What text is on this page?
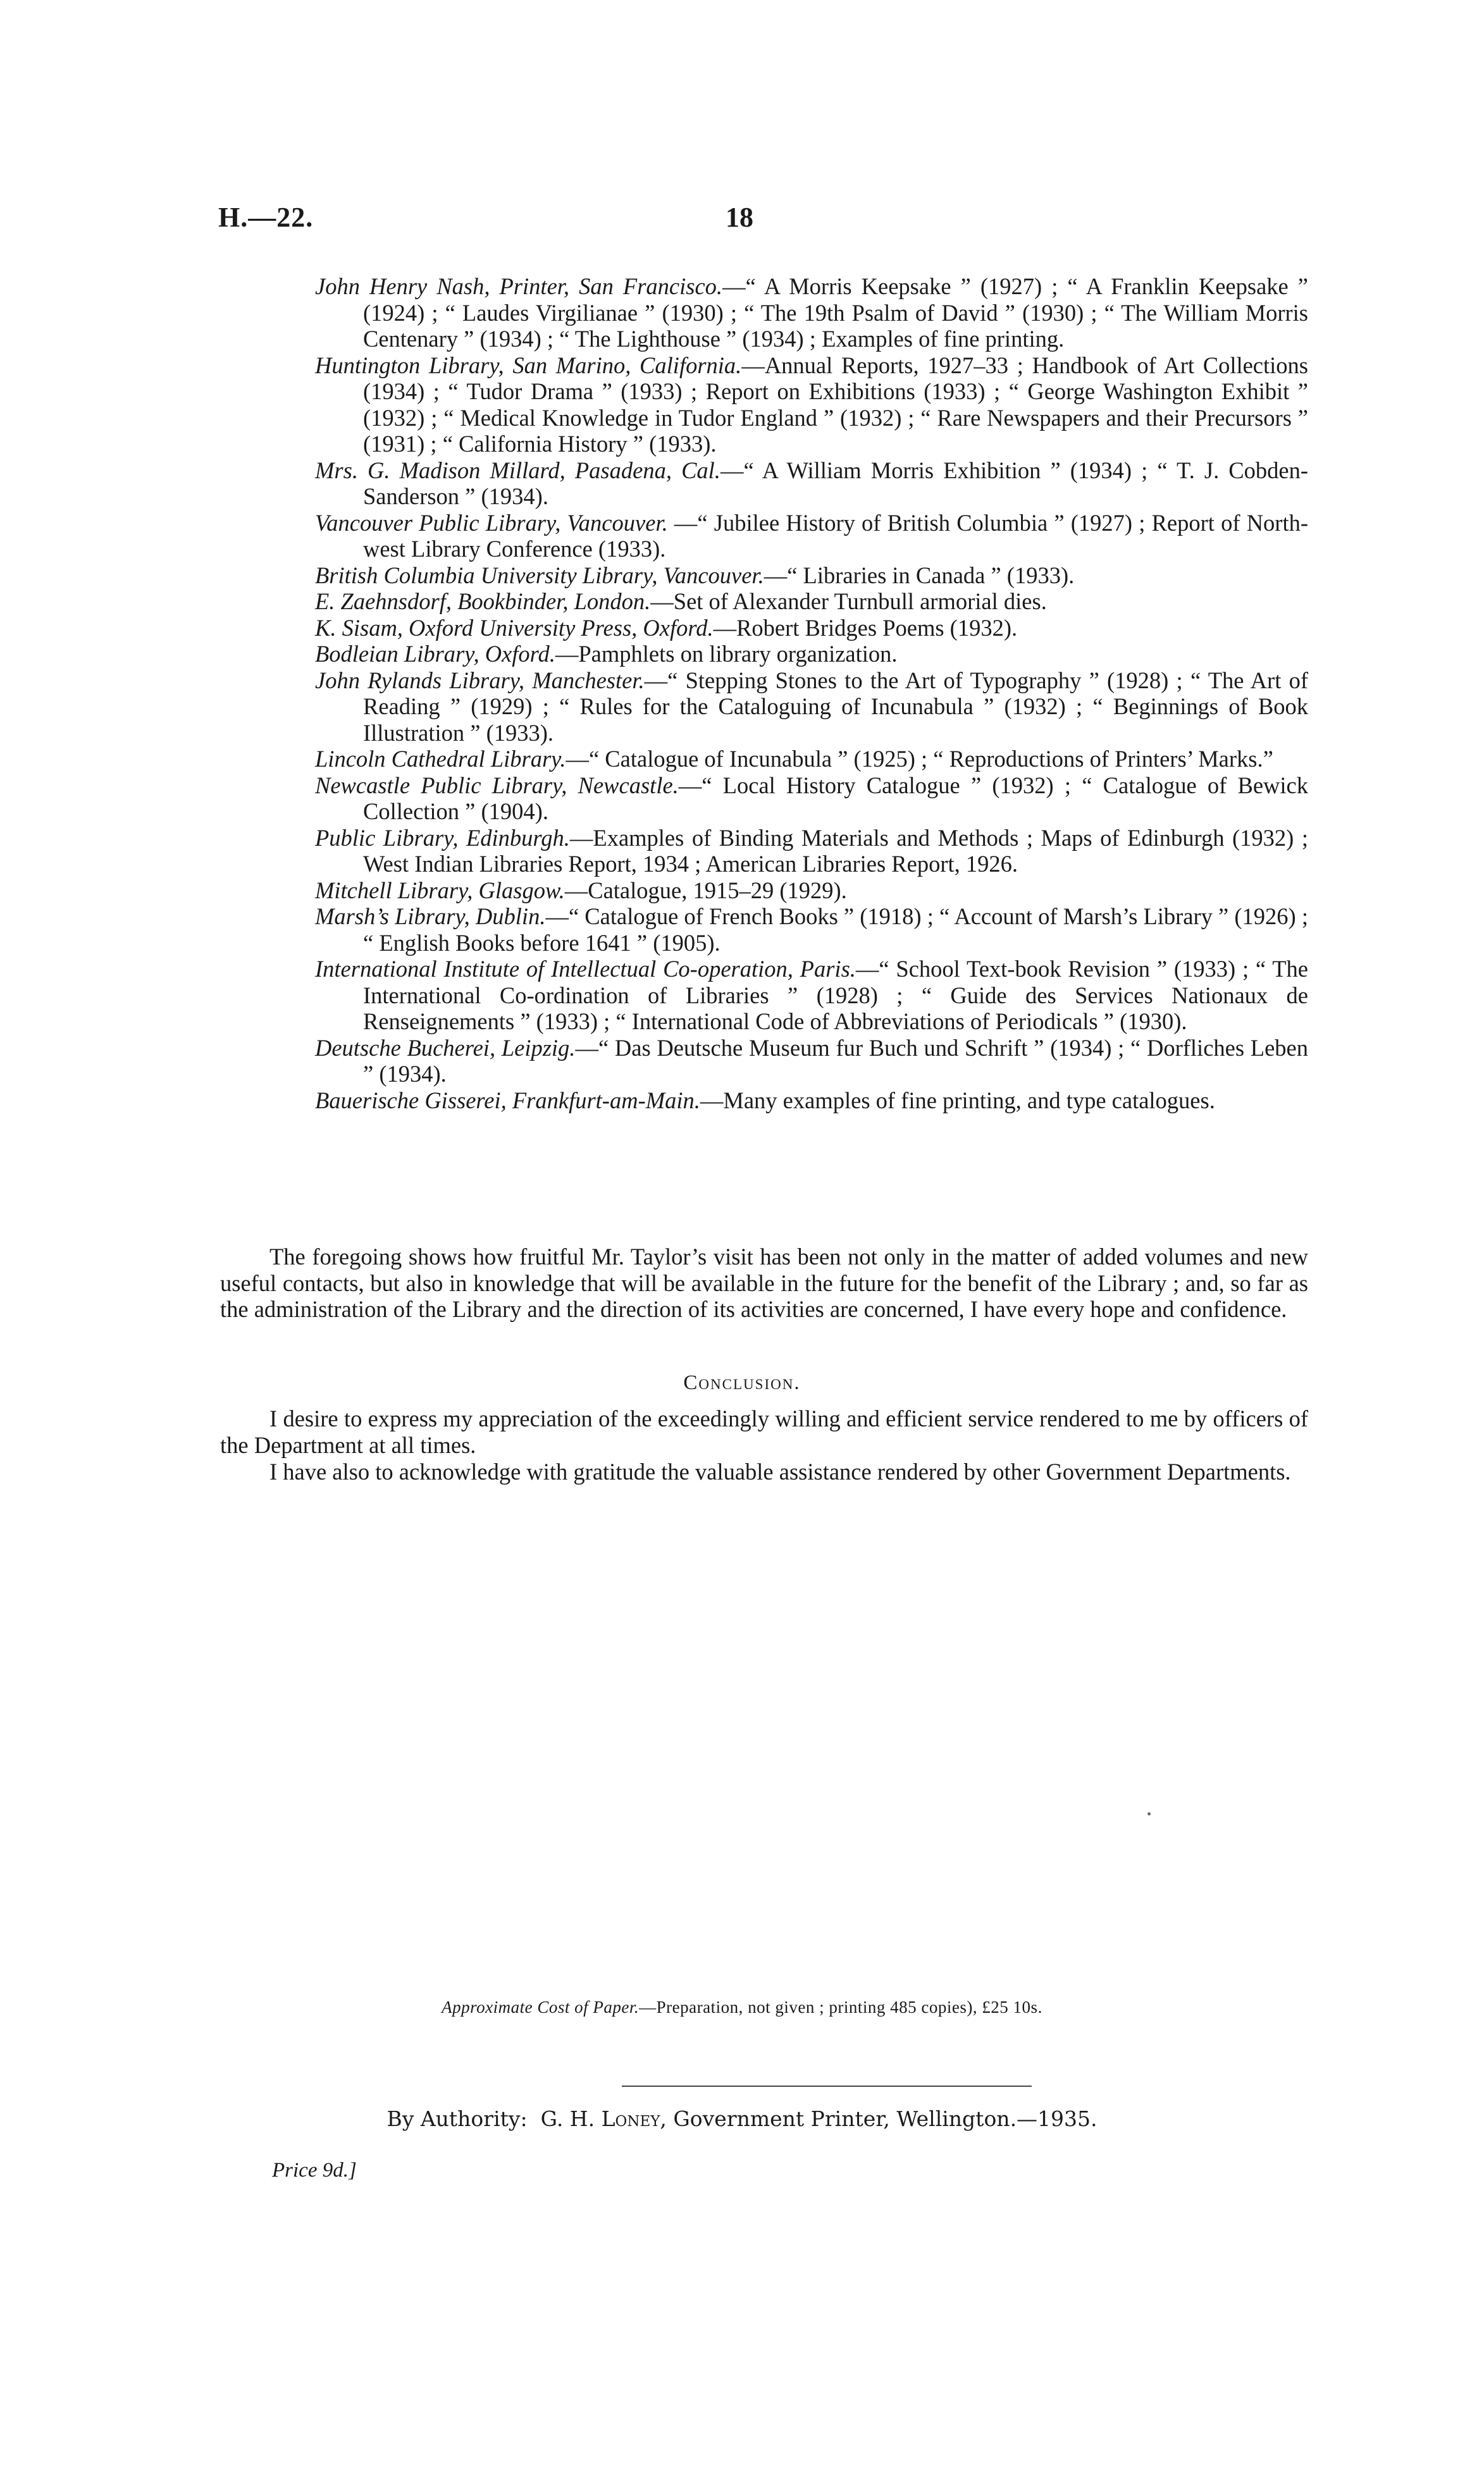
H.—22.	18
John Henry Nash, Printer, San Francisco.—“ A Morris Keepsake ” (1927) ; “ A Franklin Keepsake ” (1924) ; “ Laudes Virgilianae ” (1930) ; “ The 19th Psalm of David ” (1930) ; “ The William Morris Centenary ” (1934) ; “ The Lighthouse ” (1934) ; Examples of fine printing.
Huntington Library, San Marino, California.—Annual Reports, 1927–33 ; Handbook of Art Collections (1934) ; “ Tudor Drama ” (1933) ; Report on Exhibitions (1933) ; “ George Washington Exhibit ” (1932) ; “ Medical Knowledge in Tudor England ” (1932) ; “ Rare Newspapers and their Precursors ” (1931) ; “ California History ” (1933).
Mrs. G. Madison Millard, Pasadena, Cal.—“ A William Morris Exhibition ” (1934) ; “ T. J. Cobden-Sanderson ” (1934).
Vancouver Public Library, Vancouver. —“ Jubilee History of British Columbia ” (1927) ; Report of North-west Library Conference (1933).
British Columbia University Library, Vancouver.—“ Libraries in Canada ” (1933).
E. Zaehnsdorf, Bookbinder, London.—Set of Alexander Turnbull armorial dies.
K. Sisam, Oxford University Press, Oxford.—Robert Bridges Poems (1932).
Bodleian Library, Oxford.—Pamphlets on library organization.
John Rylands Library, Manchester.—“ Stepping Stones to the Art of Typography ” (1928) ; “ The Art of Reading ” (1929) ; “ Rules for the Cataloguing of Incunabula ” (1932) ; “ Beginnings of Book Illustration ” (1933).
Lincoln Cathedral Library.—“ Catalogue of Incunabula ” (1925) ; “ Reproductions of Printers’ Marks.”
Newcastle Public Library, Newcastle.—“ Local History Catalogue ” (1932) ; “ Catalogue of Bewick Collection ” (1904).
Public Library, Edinburgh.—Examples of Binding Materials and Methods ; Maps of Edinburgh (1932) ; West Indian Libraries Report, 1934 ; American Libraries Report, 1926.
Mitchell Library, Glasgow.—Catalogue, 1915–29 (1929).
Marsh’s Library, Dublin.—“ Catalogue of French Books ” (1918) ; “ Account of Marsh’s Library ” (1926) ; “ English Books before 1641 ” (1905).
International Institute of Intellectual Co-operation, Paris.—“ School Text-book Revision ” (1933) ; “ The International Co-ordination of Libraries ” (1928) ; “ Guide des Services Nationaux de Renseignements ” (1933) ; “ International Code of Abbreviations of Periodicals ” (1930).
Deutsche Bucherei, Leipzig.—“ Das Deutsche Museum fur Buch und Schrift ” (1934) ; “ Dorfliches Leben ” (1934).
Bauerische Gisserei, Frankfurt-am-Main.—Many examples of fine printing, and type catalogues.

The foregoing shows how fruitful Mr. Taylor’s visit has been not only in the matter of added volumes and new useful contacts, but also in knowledge that will be available in the future for the benefit of the Library ; and, so far as the administration of the Library and the direction of its activities are concerned, I have every hope and confidence.

Conclusion.

I desire to express my appreciation of the exceedingly willing and efficient service rendered to me by officers of the Department at all times.

I have also to acknowledge with gratitude the valuable assistance rendered by other Government Departments.

Approximate Cost of Paper.—Preparation, not given ; printing 485 copies), £25 10s.
By Authority: G. H. Loney, Government Printer, Wellington.—1935.
Price 9d.]
